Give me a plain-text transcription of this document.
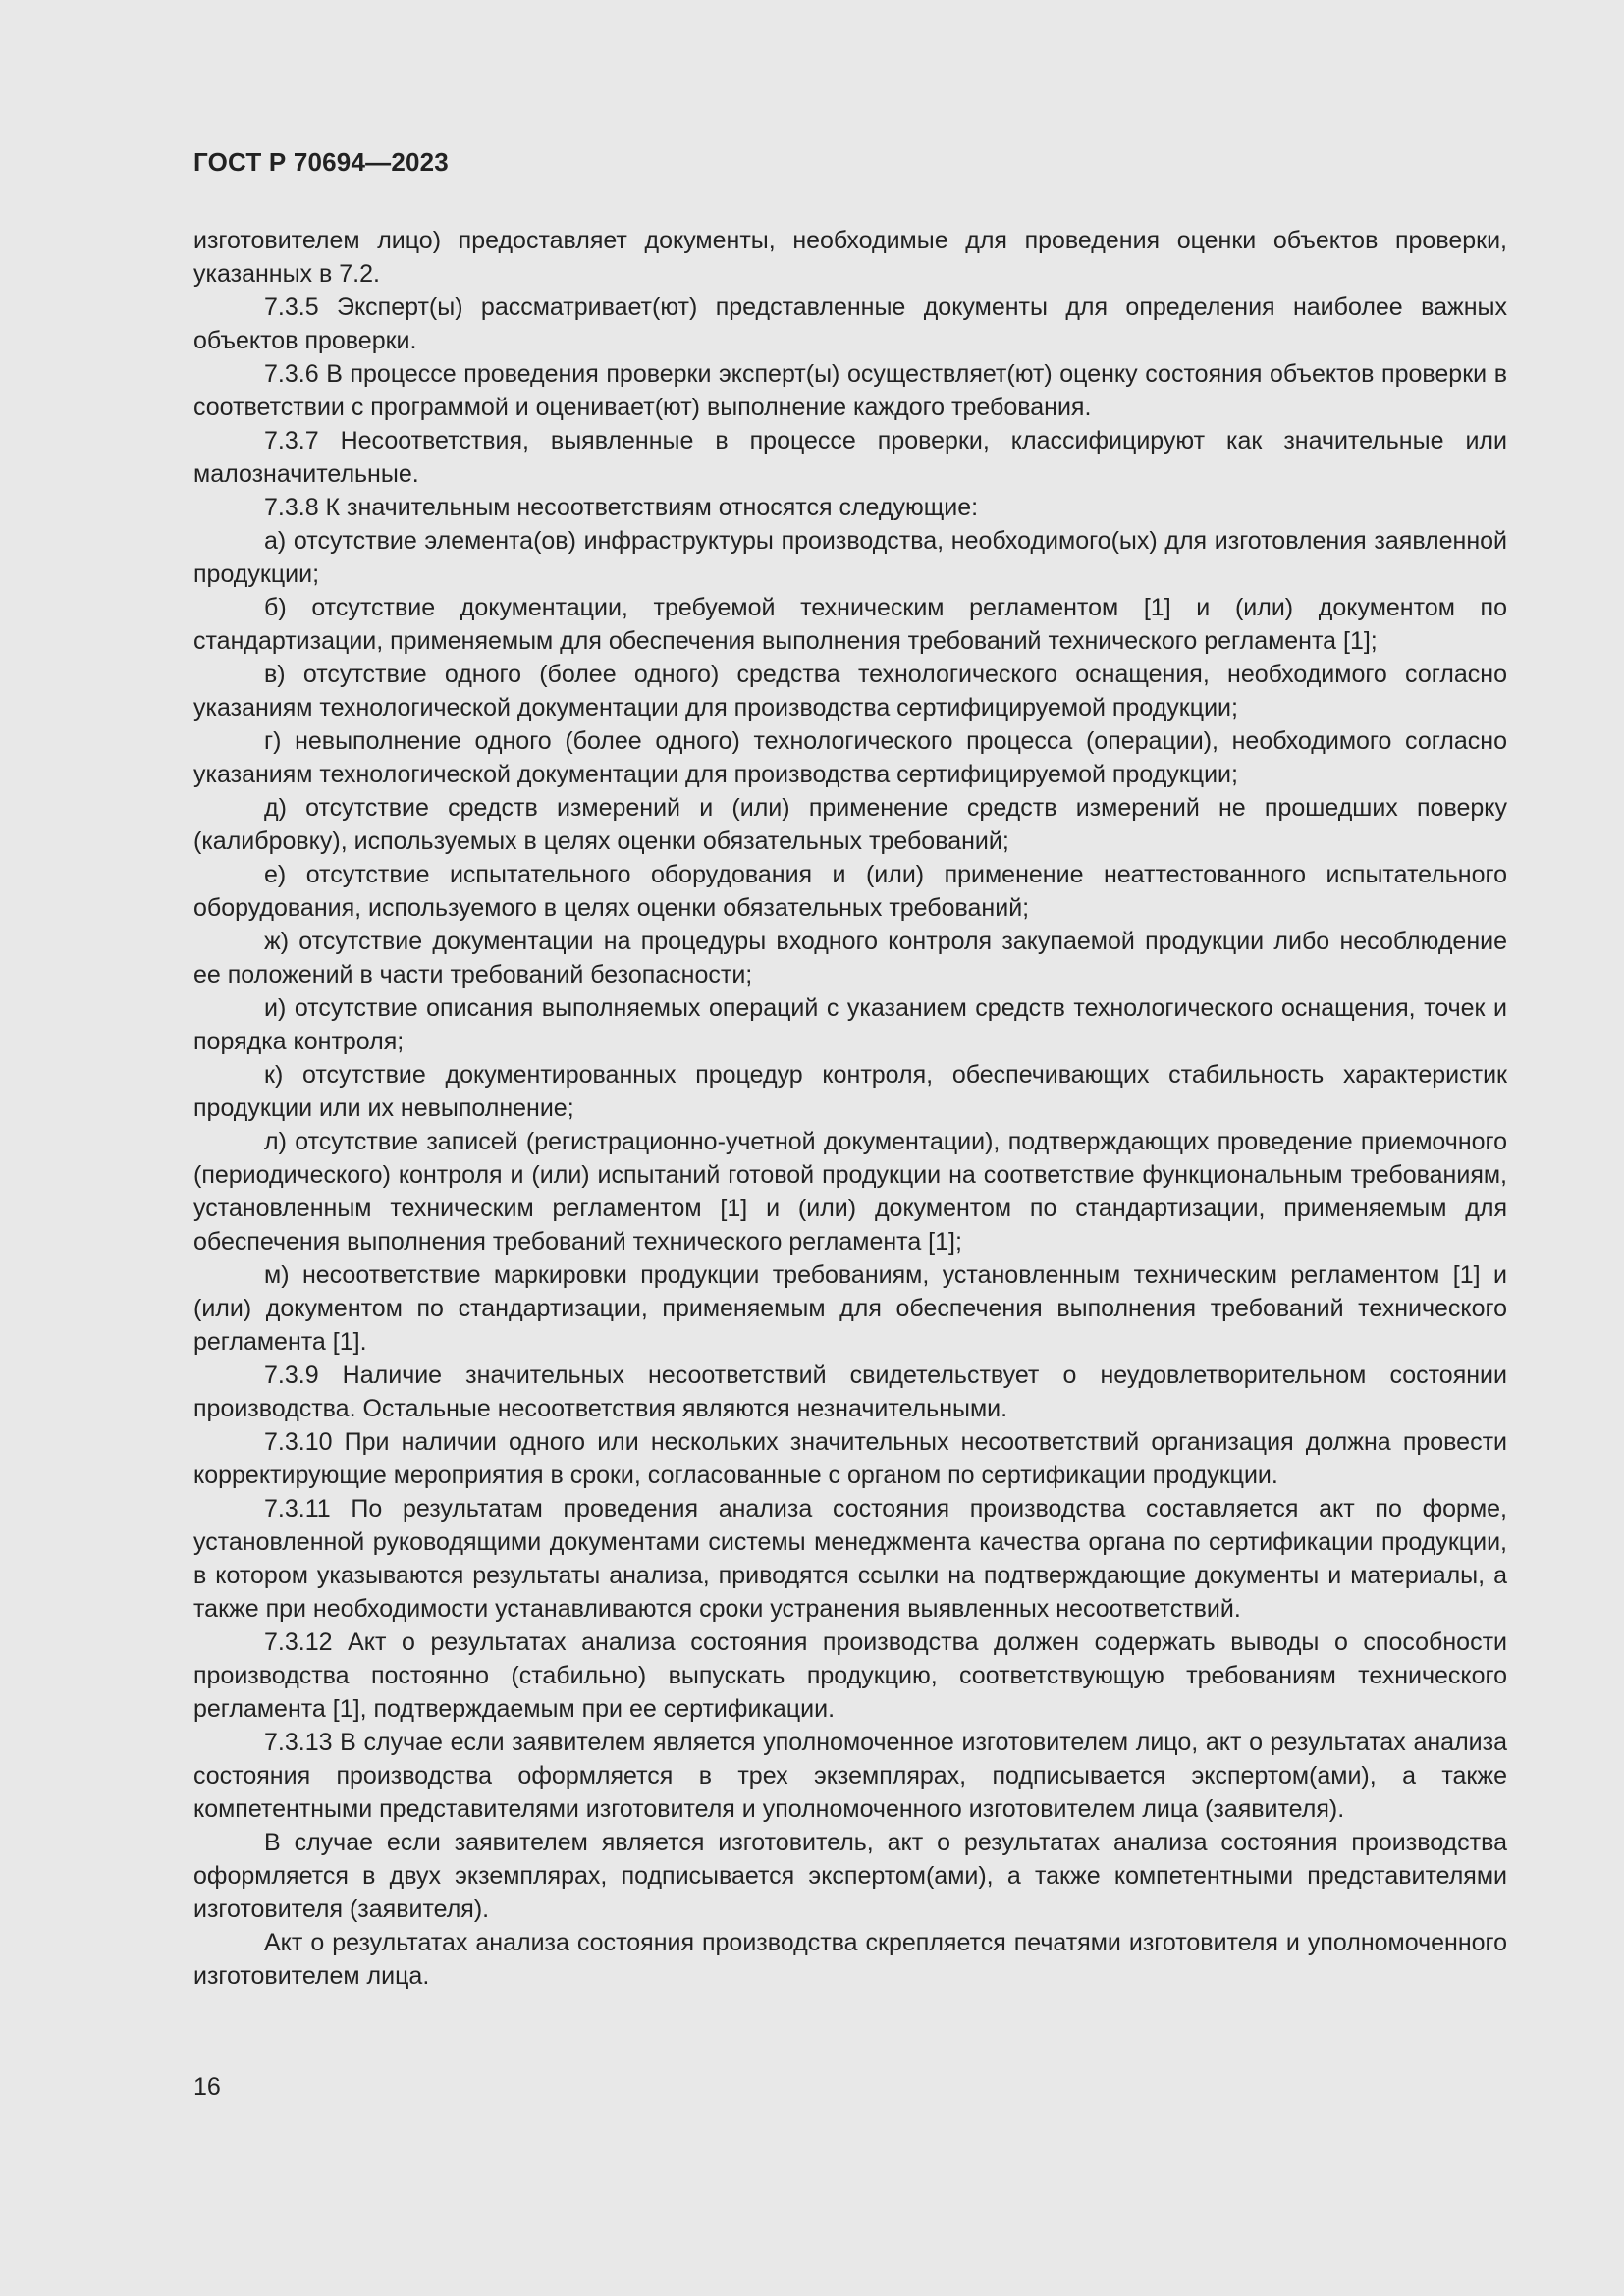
ГОСТ Р 70694—2023

изготовителем лицо) предоставляет документы, необходимые для проведения оценки объектов проверки, указанных в 7.2.

7.3.5 Эксперт(ы) рассматривает(ют) представленные документы для определения наиболее важных объектов проверки.

7.3.6 В процессе проведения проверки эксперт(ы) осуществляет(ют) оценку состояния объектов проверки в соответствии с программой и оценивает(ют) выполнение каждого требования.

7.3.7 Несоответствия, выявленные в процессе проверки, классифицируют как значительные или малозначительные.

7.3.8 К значительным несоответствиям относятся следующие:

а) отсутствие элемента(ов) инфраструктуры производства, необходимого(ых) для изготовления заявленной продукции;

б) отсутствие документации, требуемой техническим регламентом [1] и (или) документом по стандартизации, применяемым для обеспечения выполнения требований технического регламента [1];

в) отсутствие одного (более одного) средства технологического оснащения, необходимого согласно указаниям технологической документации для производства сертифицируемой продукции;

г) невыполнение одного (более одного) технологического процесса (операции), необходимого согласно указаниям технологической документации для производства сертифицируемой продукции;

д) отсутствие средств измерений и (или) применение средств измерений не прошедших поверку (калибровку), используемых в целях оценки обязательных требований;

е) отсутствие испытательного оборудования и (или) применение неаттестованного испытательного оборудования, используемого в целях оценки обязательных требований;

ж) отсутствие документации на процедуры входного контроля закупаемой продукции либо несоблюдение ее положений в части требований безопасности;

и) отсутствие описания выполняемых операций с указанием средств технологического оснащения, точек и порядка контроля;

к) отсутствие документированных процедур контроля, обеспечивающих стабильность характеристик продукции или их невыполнение;

л) отсутствие записей (регистрационно-учетной документации), подтверждающих проведение приемочного (периодического) контроля и (или) испытаний готовой продукции на соответствие функциональным требованиям, установленным техническим регламентом [1] и (или) документом по стандартизации, применяемым для обеспечения выполнения требований технического регламента [1];

м) несоответствие маркировки продукции требованиям, установленным техническим регламентом [1] и (или) документом по стандартизации, применяемым для обеспечения выполнения требований технического регламента [1].

7.3.9 Наличие значительных несоответствий свидетельствует о неудовлетворительном состоянии производства. Остальные несоответствия являются незначительными.

7.3.10 При наличии одного или нескольких значительных несоответствий организация должна провести корректирующие мероприятия в сроки, согласованные с органом по сертификации продукции.

7.3.11 По результатам проведения анализа состояния производства составляется акт по форме, установленной руководящими документами системы менеджмента качества органа по сертификации продукции, в котором указываются результаты анализа, приводятся ссылки на подтверждающие документы и материалы, а также при необходимости устанавливаются сроки устранения выявленных несоответствий.

7.3.12 Акт о результатах анализа состояния производства должен содержать выводы о способности производства постоянно (стабильно) выпускать продукцию, соответствующую требованиям технического регламента [1], подтверждаемым при ее сертификации.

7.3.13 В случае если заявителем является уполномоченное изготовителем лицо, акт о результатах анализа состояния производства оформляется в трех экземплярах, подписывается экспертом(ами), а также компетентными представителями изготовителя и уполномоченного изготовителем лица (заявителя).

В случае если заявителем является изготовитель, акт о результатах анализа состояния производства оформляется в двух экземплярах, подписывается экспертом(ами), а также компетентными представителями изготовителя (заявителя).

Акт о результатах анализа состояния производства скрепляется печатями изготовителя и уполномоченного изготовителем лица.

16
